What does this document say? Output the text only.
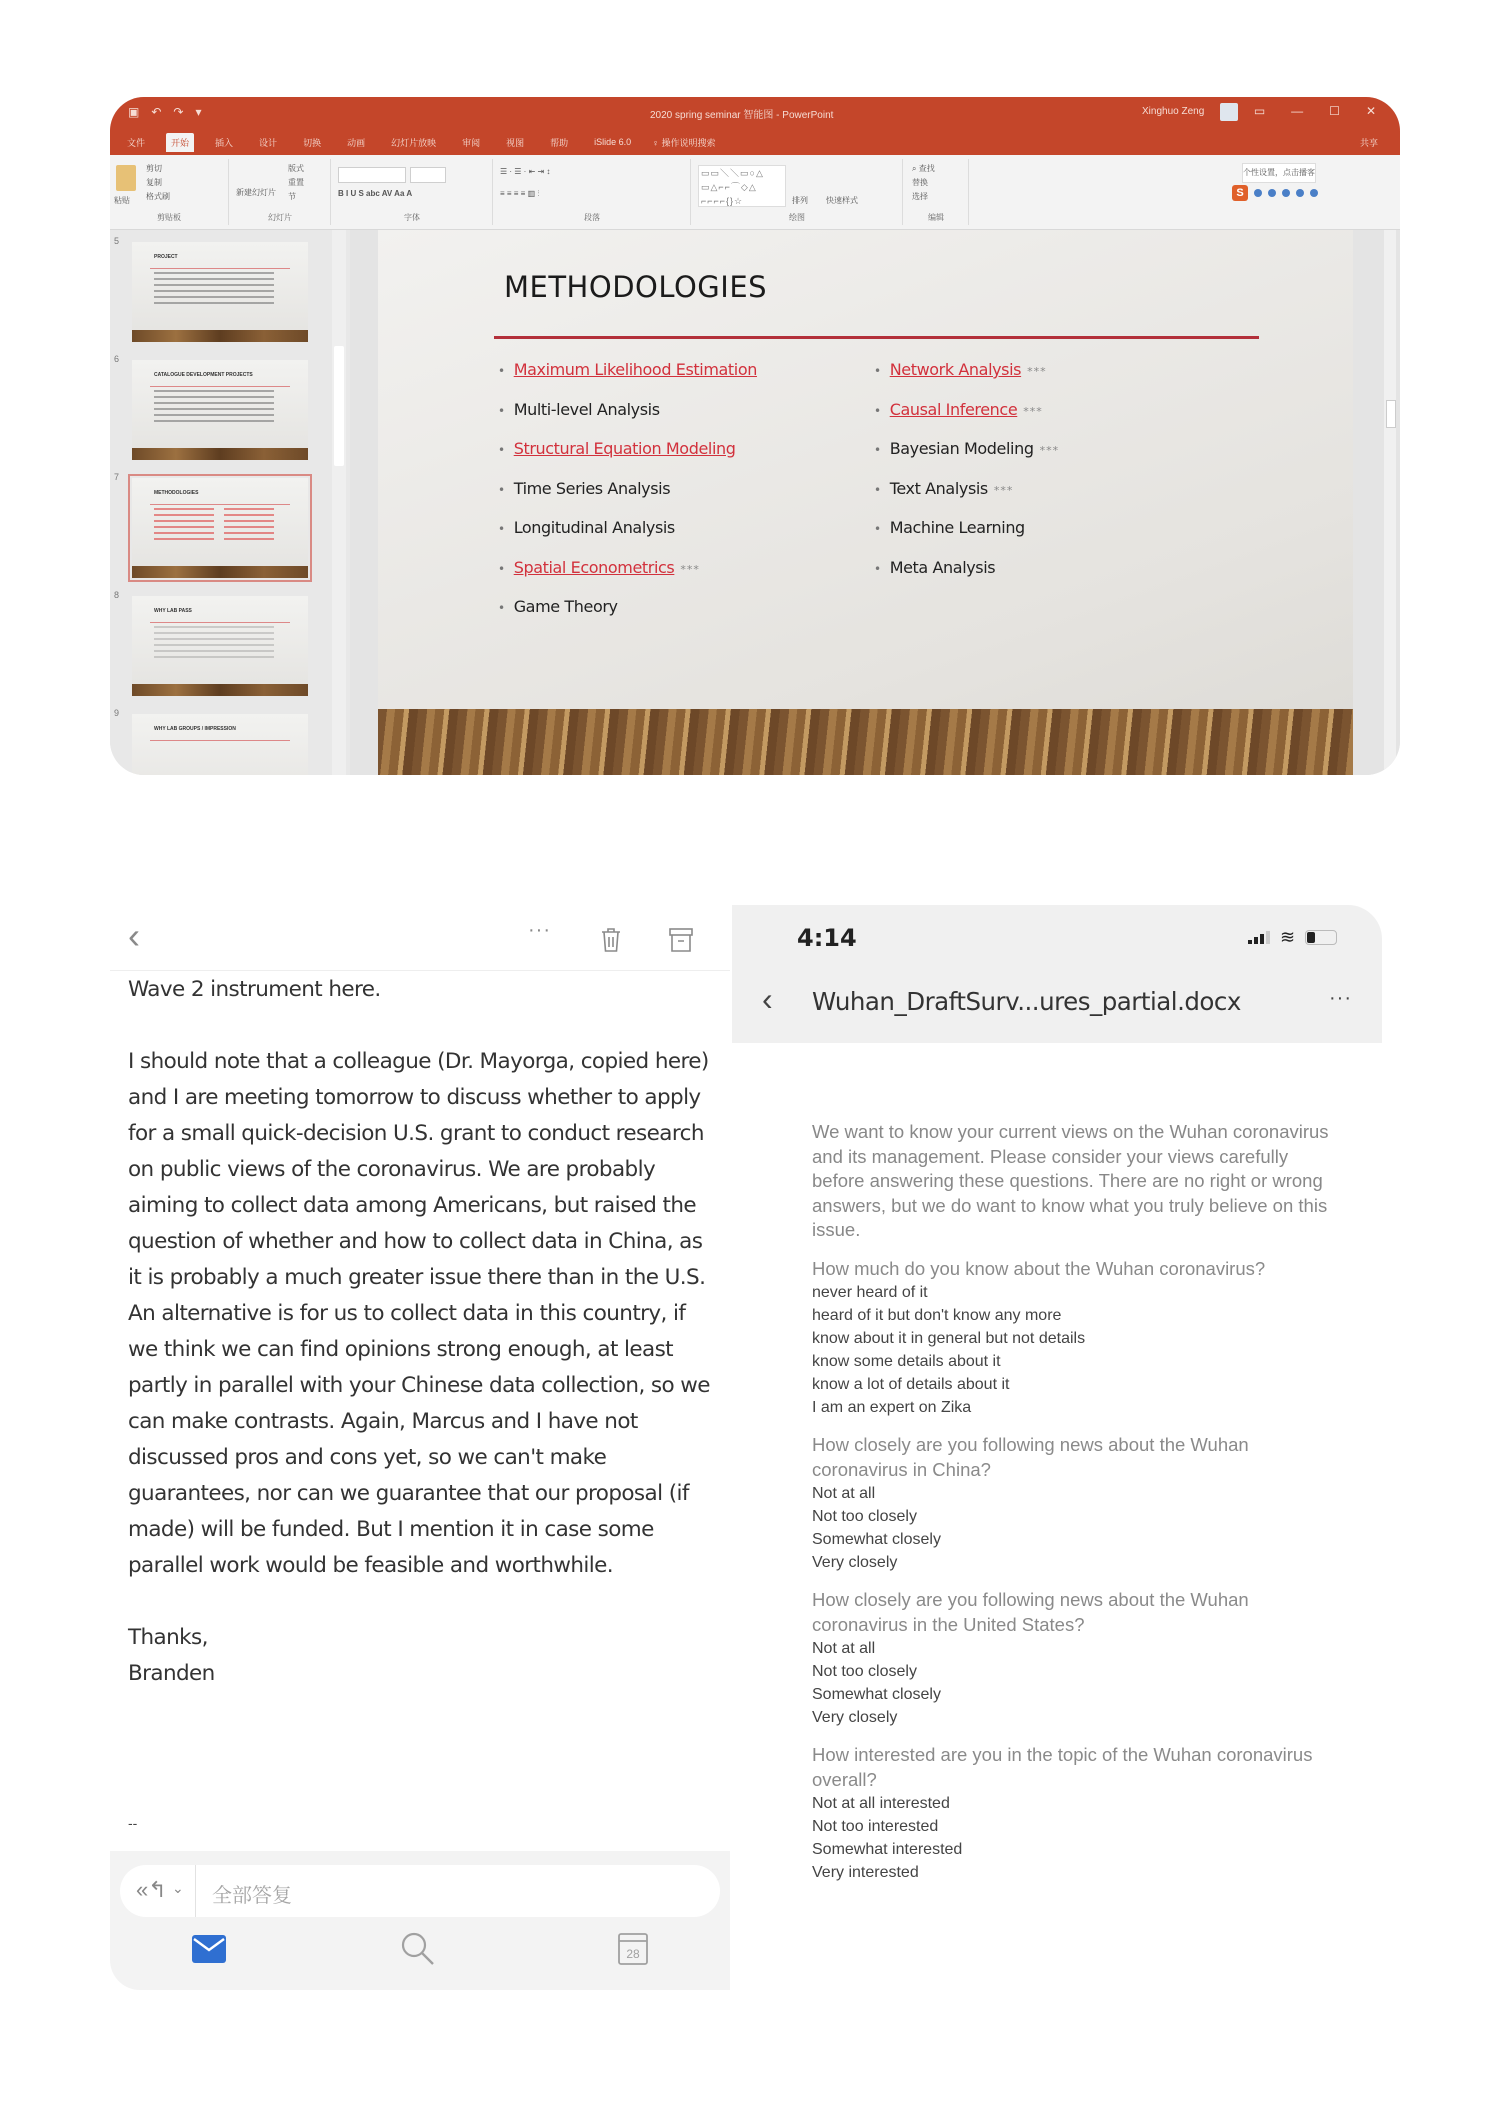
▣ ↶ ↷ ▾	2020 spring seminar 智能图 - PowerPoint	Xinghuo Zeng	▭ — ☐ ✕
文件	开始	插入	设计	切换	动画	幻灯片放映	审阅	视图	帮助	iSlide 6.0	♀ 操作说明搜索	共享
粘贴
剪切
复制
格式刷
剪贴板
新建幻灯片
版式
重置
节
幻灯片
B I U S abc AV Aa A
字体
☰ · ☰ · ⇤ ⇥ ↕
≡ ≡ ≡ ≡ ▥ ⫶
段落
▭▭＼＼▭○△ ▭△⌐⌐⌒◇△ ⌐⌐⌐⌐{}☆	排列 快速样式
绘图
⌕ 查找
替换
选择
编辑
个性设置，点击播客
S
5
PROJECT
6
CATALOGUE DEVELOPMENT PROJECTS
7
METHODOLOGIES
8
WHY LAB PASS
9
WHY LAB GROUPS / IMPRESSION
METHODOLOGIES
• Maximum Likelihood Estimation
• Multi-level Analysis
• Structural Equation Modeling
• Time Series Analysis
• Longitudinal Analysis
• Spatial Econometrics ***
• Game Theory
• Network Analysis ***
• Causal Inference ***
• Bayesian Modeling ***
• Text Analysis ***
• Machine Learning
• Meta Analysis
‹	···

Wave 2 instrument here.

I should note that a colleague (Dr. Mayorga, copied here) and I are meeting tomorrow to discuss whether to apply for a small quick-decision U.S. grant to conduct research on public views of the coronavirus. We are probably aiming to collect data among Americans, but raised the question of whether and how to collect data in China, as it is probably a much greater issue there than in the U.S. An alternative is for us to collect data in this country, if we think we can find opinions strong enough, at least partly in parallel with your Chinese data collection, so we can make contrasts. Again, Marcus and I have not discussed pros and cons yet, so we can't make guarantees, nor can we guarantee that our proposal (if made) will be funded. But I mention it in case some parallel work would be feasible and worthwhile.

Thanks,

Branden

--
«↰ ⌄ 全部答复
28
4:14	≋
‹ Wuhan_DraftSurv...ures_partial.docx	···

We want to know your current views on the Wuhan coronavirus and its management. Please consider your views carefully before answering these questions. There are no right or wrong answers, but we do want to know what you truly believe on this issue.

How much do you know about the Wuhan coronavirus?

never heard of it
heard of it but don't know any more
know about it in general but not details
know some details about it
know a lot of details about it
I am an expert on Zika

How closely are you following news about the Wuhan coronavirus in China?

Not at all
Not too closely
Somewhat closely
Very closely

How closely are you following news about the Wuhan coronavirus in the United States?

Not at all
Not too closely
Somewhat closely
Very closely

How interested are you in the topic of the Wuhan coronavirus overall?

Not at all interested
Not too interested
Somewhat interested
Very interested
